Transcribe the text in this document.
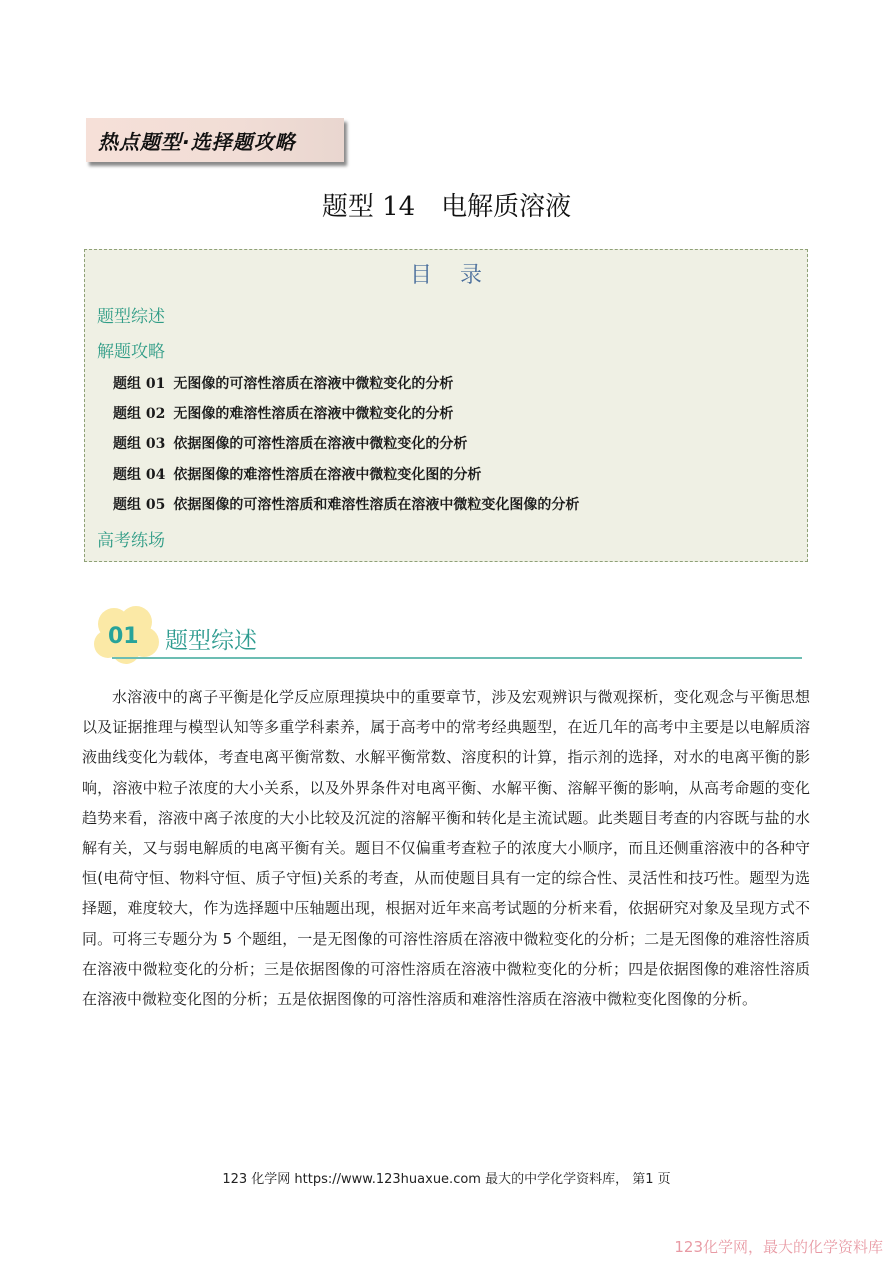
热点题型·选择题攻略
题型 14　电解质溶液
目录
题型综述
解题攻略
题组 01 无图像的可溶性溶质在溶液中微粒变化的分析
题组 02 无图像的难溶性溶质在溶液中微粒变化的分析
题组 03 依据图像的可溶性溶质在溶液中微粒变化的分析
题组 04 依据图像的难溶性溶质在溶液中微粒变化图的分析
题组 05 依据图像的可溶性溶质和难溶性溶质在溶液中微粒变化图像的分析
高考练场
01 题型综述
水溶液中的离子平衡是化学反应原理摸块中的重要章节，涉及宏观辨识与微观探析，变化观念与平衡思想以及证据推理与模型认知等多重学科素养，属于高考中的常考经典题型，在近几年的高考中主要是以电解质溶液曲线变化为载体，考查电离平衡常数、水解平衡常数、溶度积的计算，指示剂的选择，对水的电离平衡的影响，溶液中粒子浓度的大小关系，以及外界条件对电离平衡、水解平衡、溶解平衡的影响，从高考命题的变化趋势来看，溶液中离子浓度的大小比较及沉淀的溶解平衡和转化是主流试题。此类题目考查的内容既与盐的水解有关，又与弱电解质的电离平衡有关。题目不仅偏重考查粒子的浓度大小顺序，而且还侧重溶液中的各种守恒(电荷守恒、物料守恒、质子守恒)关系的考查，从而使题目具有一定的综合性、灵活性和技巧性。题型为选择题，难度较大，作为选择题中压轴题出现，根据对近年来高考试题的分析来看，依据研究对象及呈现方式不同。可将三专题分为 5 个题组，一是无图像的可溶性溶质在溶液中微粒变化的分析；二是无图像的难溶性溶质在溶液中微粒变化的分析；三是依据图像的可溶性溶质在溶液中微粒变化的分析；四是依据图像的难溶性溶质在溶液中微粒变化图的分析；五是依据图像的可溶性溶质和难溶性溶质在溶液中微粒变化图像的分析。
123 化学网 https://www.123huaxue.com 最大的中学化学资料库， 第1 页
123化学网，最大的化学资料库
